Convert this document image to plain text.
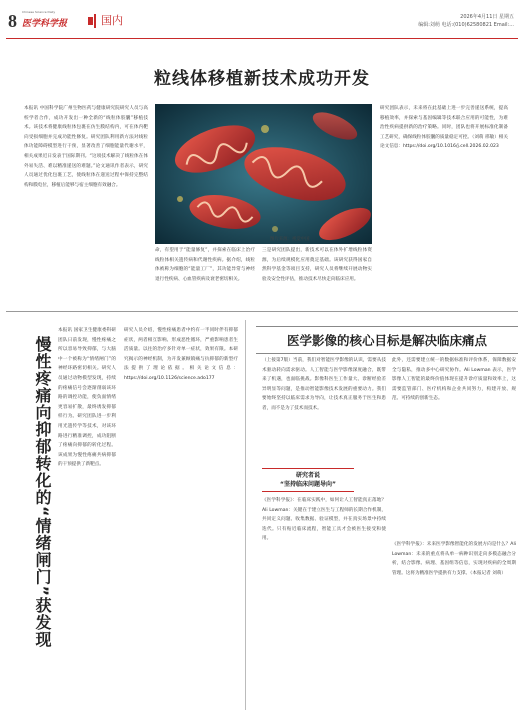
8 Chinese Science Daily
医学科学报	国内	2026年4月11日 星期五
编辑:刘萌 电话:(010)62580821 Email:...
粒线体移植新技术成功开发
本报讯 中国科学院广州生物医药与健康研究院研究人员与高校学者合作，成功开发出一种全新的“线粒体胶囊”移植技术。该技术将健康线粒体包裹在仿生膜结构内，可在体内靶向受损细胞并完成功能性修复。研究团队利用新方法对线粒体功能障碍模型进行干预，显著改善了细胞能量代谢水平，相关成果近日发表于国际期刊。“这项技术解决了线粒体在体外易失活、难以精准递送的难题。”论文通讯作者表示，研究人员通过优化包裹工艺，使线粒体在递送过程中保持完整结构和膜电位，移植后能够与宿主细胞有效融合。
图片来源：视觉中国
命，有望用于“能量修复”，并探索在临床上治疗线粒体相关遗传病和代谢性疾病。据介绍，线粒体被称为细胞的“能量工厂”，其功能异常与神经退行性疾病、心血管疾病及衰老密切相关。
三是研究团队提出，新技术可以在体外扩增线粒体资源，为后续规模化应用奠定基础。该研究获得国家自然科学基金等项目支持，研究人员将继续开展动物实验及安全性评估，推动技术尽快走向临床应用。
研究团队表示，未来将在此基础上进一步完善递送系统，提高移植效率，并探索与基因编辑等技术联合应用的可能性，为难治性疾病提供新的治疗策略。同时，团队也将开展标准化制备工艺研究，确保线粒体胶囊的质量稳定可控。（刘萌 邢敏）相关论文信息：https://doi.org/10.1016/j.cell.2026.02.023
慢性疼痛向抑郁转化的“情绪闸门”获发现
本报讯 国家卫生健康委科研团队日前发现，慢性疼痛之所以容易导致抑郁，与大脑中一个被称为“情绪闸门”的神经环路密切相关。研究人员通过动物模型发现，持续的疼痛信号会逐渐削弱该环路的调控功能，使负面情绪更容易扩散，最终诱发抑郁样行为。研究团队进一步利用光遗传学等技术，对该环路进行精准调控，成功阻断了疼痛向抑郁的转化过程。该成果为慢性疼痛共病抑郁的干预提供了新靶点。
研究人员介绍，慢性疼痛患者中约有一半同时伴有抑郁症状，两者相互影响、形成恶性循环，严重影响患者生活质量。以往的治疗多针对单一症状，效果有限。本研究揭示的神经机制，为开发兼顾镇痛与抗抑郁的新型疗法提供了理论依据。相关论文信息：https://doi.org/10.1126/science.ado177
医学影像的核心目标是解决临床痛点
（上接第7版）当前，我们对智能医学影像的认识，需要从技术驱动转向需求驱动。人工智能与医学影像深度融合，既带来了机遇，也面临挑战。影像科医生工作量大、诊断经验差异明显等问题，是推动智能影像技术发展的重要动力。我们要始终坚持以临床需求为导向，让技术真正服务于医生和患者，而不是为了技术而技术。
研究者说
“坚持临床问题导向”
《医学科学报》：在临床实践中，如何让人工智能真正落地？Ali Lowman：关键在于建立医生与工程师的长期合作机制，共同定义问题、收集数据、验证模型，并在真实场景中持续迭代。只有贴近临床流程，智能工具才会被医生接受和使用。
此外，还需要建立统一的数据标准和评价体系，保障数据安全与隐私，推动多中心研究协作。Ali Lowman 表示，医学影像人工智能的最终价值体现在提升诊疗质量和效率上，这需要监管部门、医疗机构和企业共同努力，构建开放、规范、可持续的创新生态。
《医学科学报》：未来医学影像智能化的发展方向是什么？Ali Lowman：未来的重点将从单一病种识别走向多模态融合分析，结合影像、病理、基因组等信息，实现对疾病的全周期管理。这将为精准医学提供有力支撑。（本报记者 刘萌）
